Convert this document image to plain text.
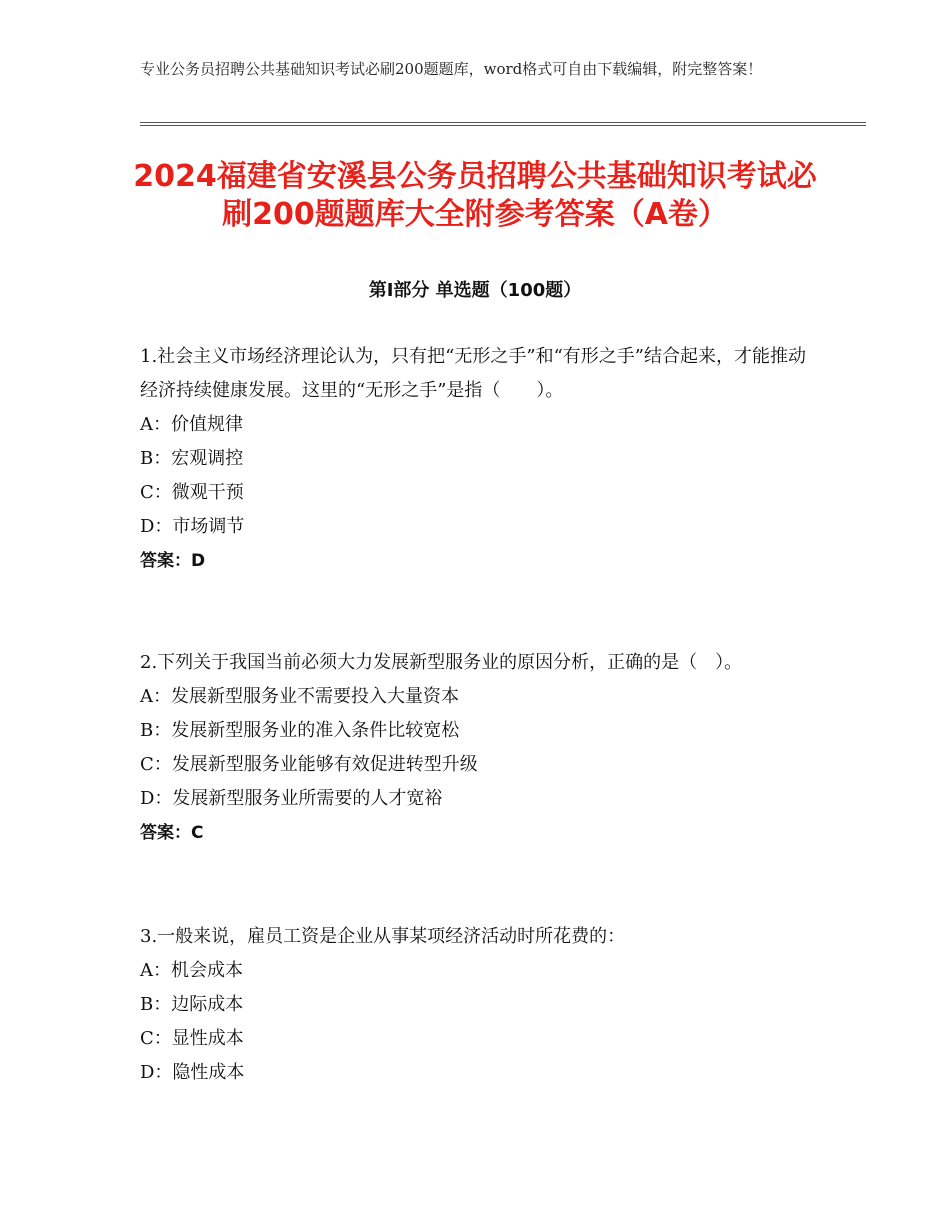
专业公务员招聘公共基础知识考试必刷200题题库，word格式可自由下载编辑，附完整答案！
2024福建省安溪县公务员招聘公共基础知识考试必刷200题题库大全附参考答案（A卷）
第Ⅰ部分 单选题（100题）
1.社会主义市场经济理论认为，只有把“无形之手”和“有形之手”结合起来，才能推动经济持续健康发展。这里的“无形之手”是指（　　）。
A：价值规律
B：宏观调控
C：微观干预
D：市场调节
答案：D
2.下列关于我国当前必须大力发展新型服务业的原因分析，正确的是（　）。
A：发展新型服务业不需要投入大量资本
B：发展新型服务业的准入条件比较宽松
C：发展新型服务业能够有效促进转型升级
D：发展新型服务业所需要的人才宽裕
答案：C
3.一般来说，雇员工资是企业从事某项经济活动时所花费的：
A：机会成本
B：边际成本
C：显性成本
D：隐性成本
